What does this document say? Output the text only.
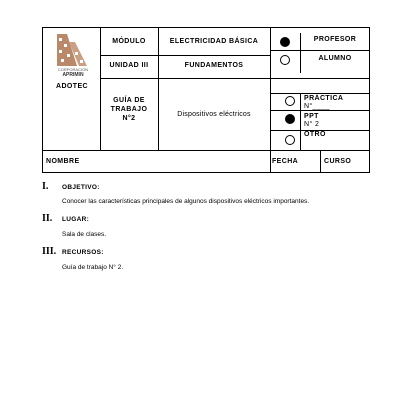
CORPORACION
APRIMIN
ADOTEC
MÓDULO	ELECTRICIDAD BÁSICA
UNIDAD III	FUNDAMENTOS
GUÍA DE
TRABAJO
N°2
Dispositivos eléctricos
PROFESOR
ALUMNO
PRÁCTICA
N°____
PPT
N° 2
OTRO
NOMBRE	FECHA	CURSO
I. OBJETIVO:
Conocer las características principales de algunos dispositivos eléctricos importantes.
II. LUGAR:
Sala de clases.
III. RECURSOS:
Guía de trabajo N° 2.
